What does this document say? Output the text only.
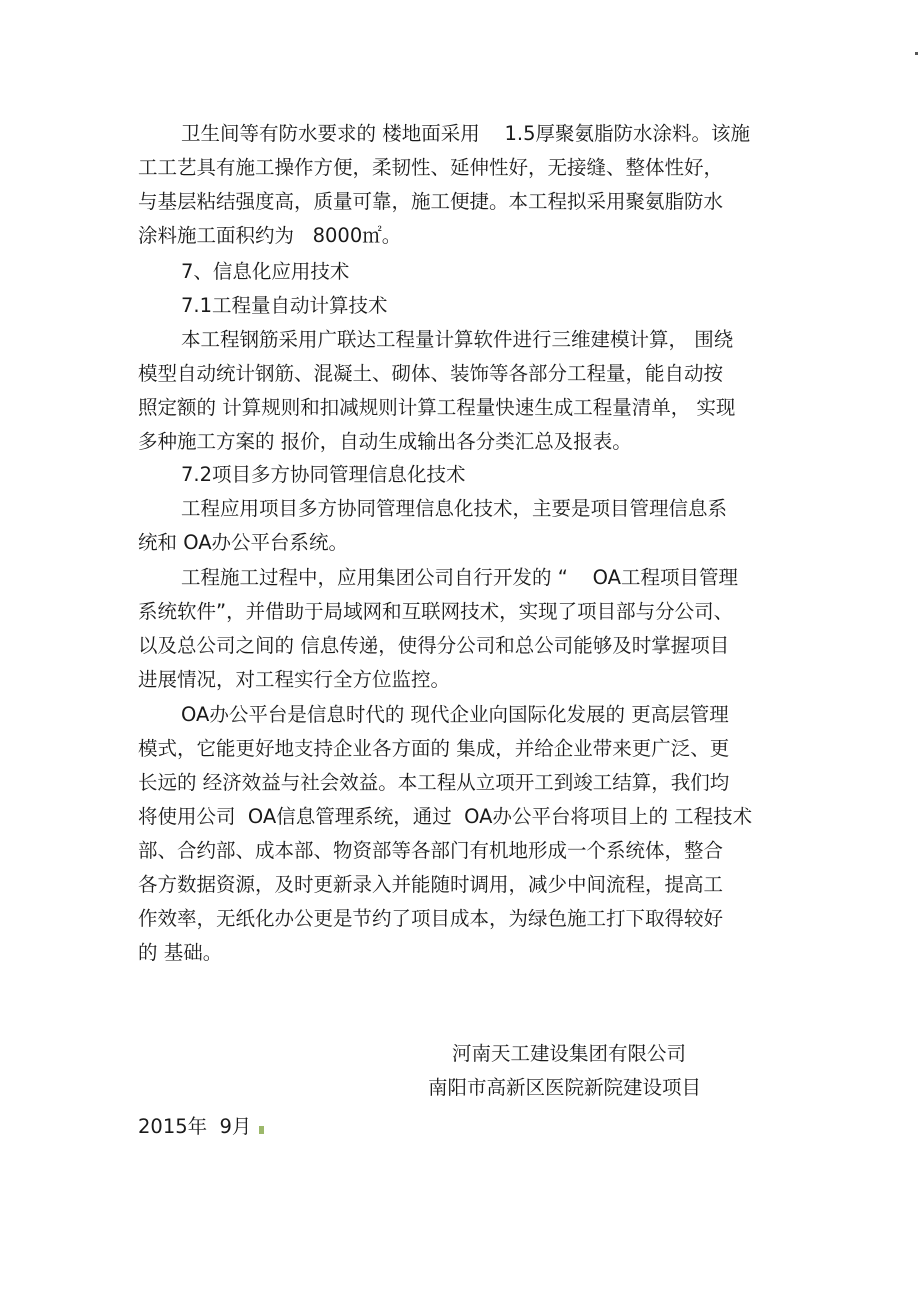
卫生间等有防水要求的 楼地面采用    1.5厚聚氨脂防水涂料。该施
工工艺具有施工操作方便，柔韧性、延伸性好，无接缝、整体性好，
与基层粘结强度高，质量可靠，施工便捷。本工程拟采用聚氨脂防水
涂料施工面积约为   8000㎡。
7、信息化应用技术
7.1工程量自动计算技术
本工程钢筋采用广联达工程量计算软件进行三维建模计算， 围绕
模型自动统计钢筋、混凝土、砌体、装饰等各部分工程量，能自动按
照定额的 计算规则和扣减规则计算工程量快速生成工程量清单， 实现
多种施工方案的 报价，自动生成输出各分类汇总及报表。
7.2项目多方协同管理信息化技术
工程应用项目多方协同管理信息化技术，主要是项目管理信息系
统和 OA办公平台系统。
工程施工过程中，应用集团公司自行开发的 “    OA工程项目管理
系统软件”，并借助于局域网和互联网技术，实现了项目部与分公司、
以及总公司之间的 信息传递，使得分公司和总公司能够及时掌握项目
进展情况，对工程实行全方位监控。
OA办公平台是信息时代的 现代企业向国际化发展的 更高层管理
模式，它能更好地支持企业各方面的 集成，并给企业带来更广泛、更
长远的 经济效益与社会效益。本工程从立项开工到竣工结算，我们均
将使用公司  OA信息管理系统，通过  OA办公平台将项目上的 工程技术
部、合约部、成本部、物资部等各部门有机地形成一个系统体，整合
各方数据资源，及时更新录入并能随时调用，减少中间流程，提高工
作效率，无纸化办公更是节约了项目成本，为绿色施工打下取得较好
的 基础。
河南天工建设集团有限公司
南阳市高新区医院新院建设项目
2015年  9月
